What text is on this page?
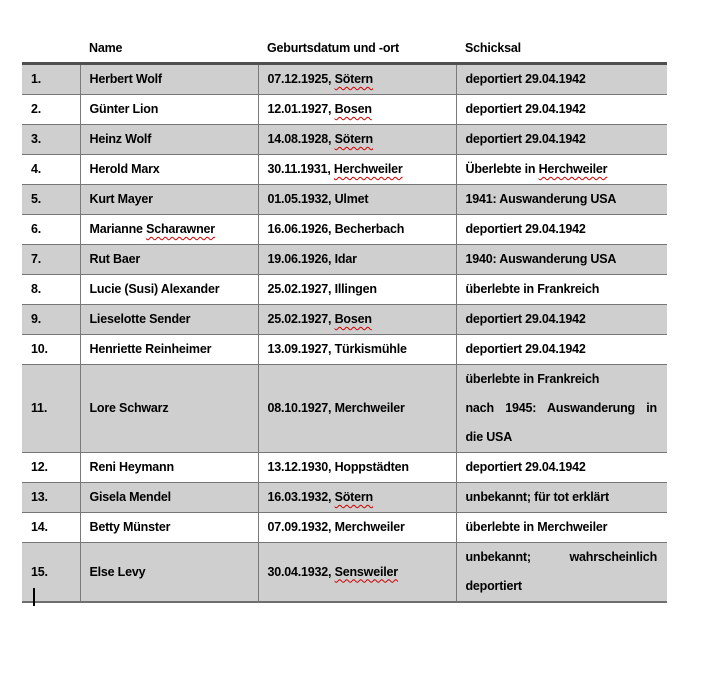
	Name	Geburtsdatum und -ort	Schicksal

1.	Herbert Wolf	07.12.1925, Sötern	deportiert 29.04.1942

2.	Günter Lion	12.01.1927, Bosen	deportiert 29.04.1942

3.	Heinz Wolf	14.08.1928, Sötern	deportiert 29.04.1942

4.	Herold Marx	30.11.1931, Herchweiler	Überlebte in Herchweiler

5.	Kurt Mayer	01.05.1932, Ulmet	1941: Auswanderung USA

6.	Marianne Scharawner	16.06.1926, Becherbach	deportiert 29.04.1942

7.	Rut Baer	19.06.1926, Idar	1940: Auswanderung USA

8.	Lucie (Susi) Alexander	25.02.1927, Illingen	überlebte in Frankreich

9.	Lieselotte Sender	25.02.1927, Bosen	deportiert 29.04.1942

10.	Henriette Reinheimer	13.09.1927, Türkismühle	deportiert 29.04.1942

11.	Lore Schwarz	08.10.1927, Merchweiler	überlebte in Frankreich
nach 1945: Auswanderung in
die USA

12.	Reni Heymann	13.12.1930, Hoppstädten	deportiert 29.04.1942

13.	Gisela Mendel	16.03.1932, Sötern	unbekannt; für tot erklärt

14.	Betty Münster	07.09.1932, Merchweiler	überlebte in Merchweiler

15.	Else Levy	30.04.1932, Sensweiler	unbekannt; wahrscheinlich
deportiert
